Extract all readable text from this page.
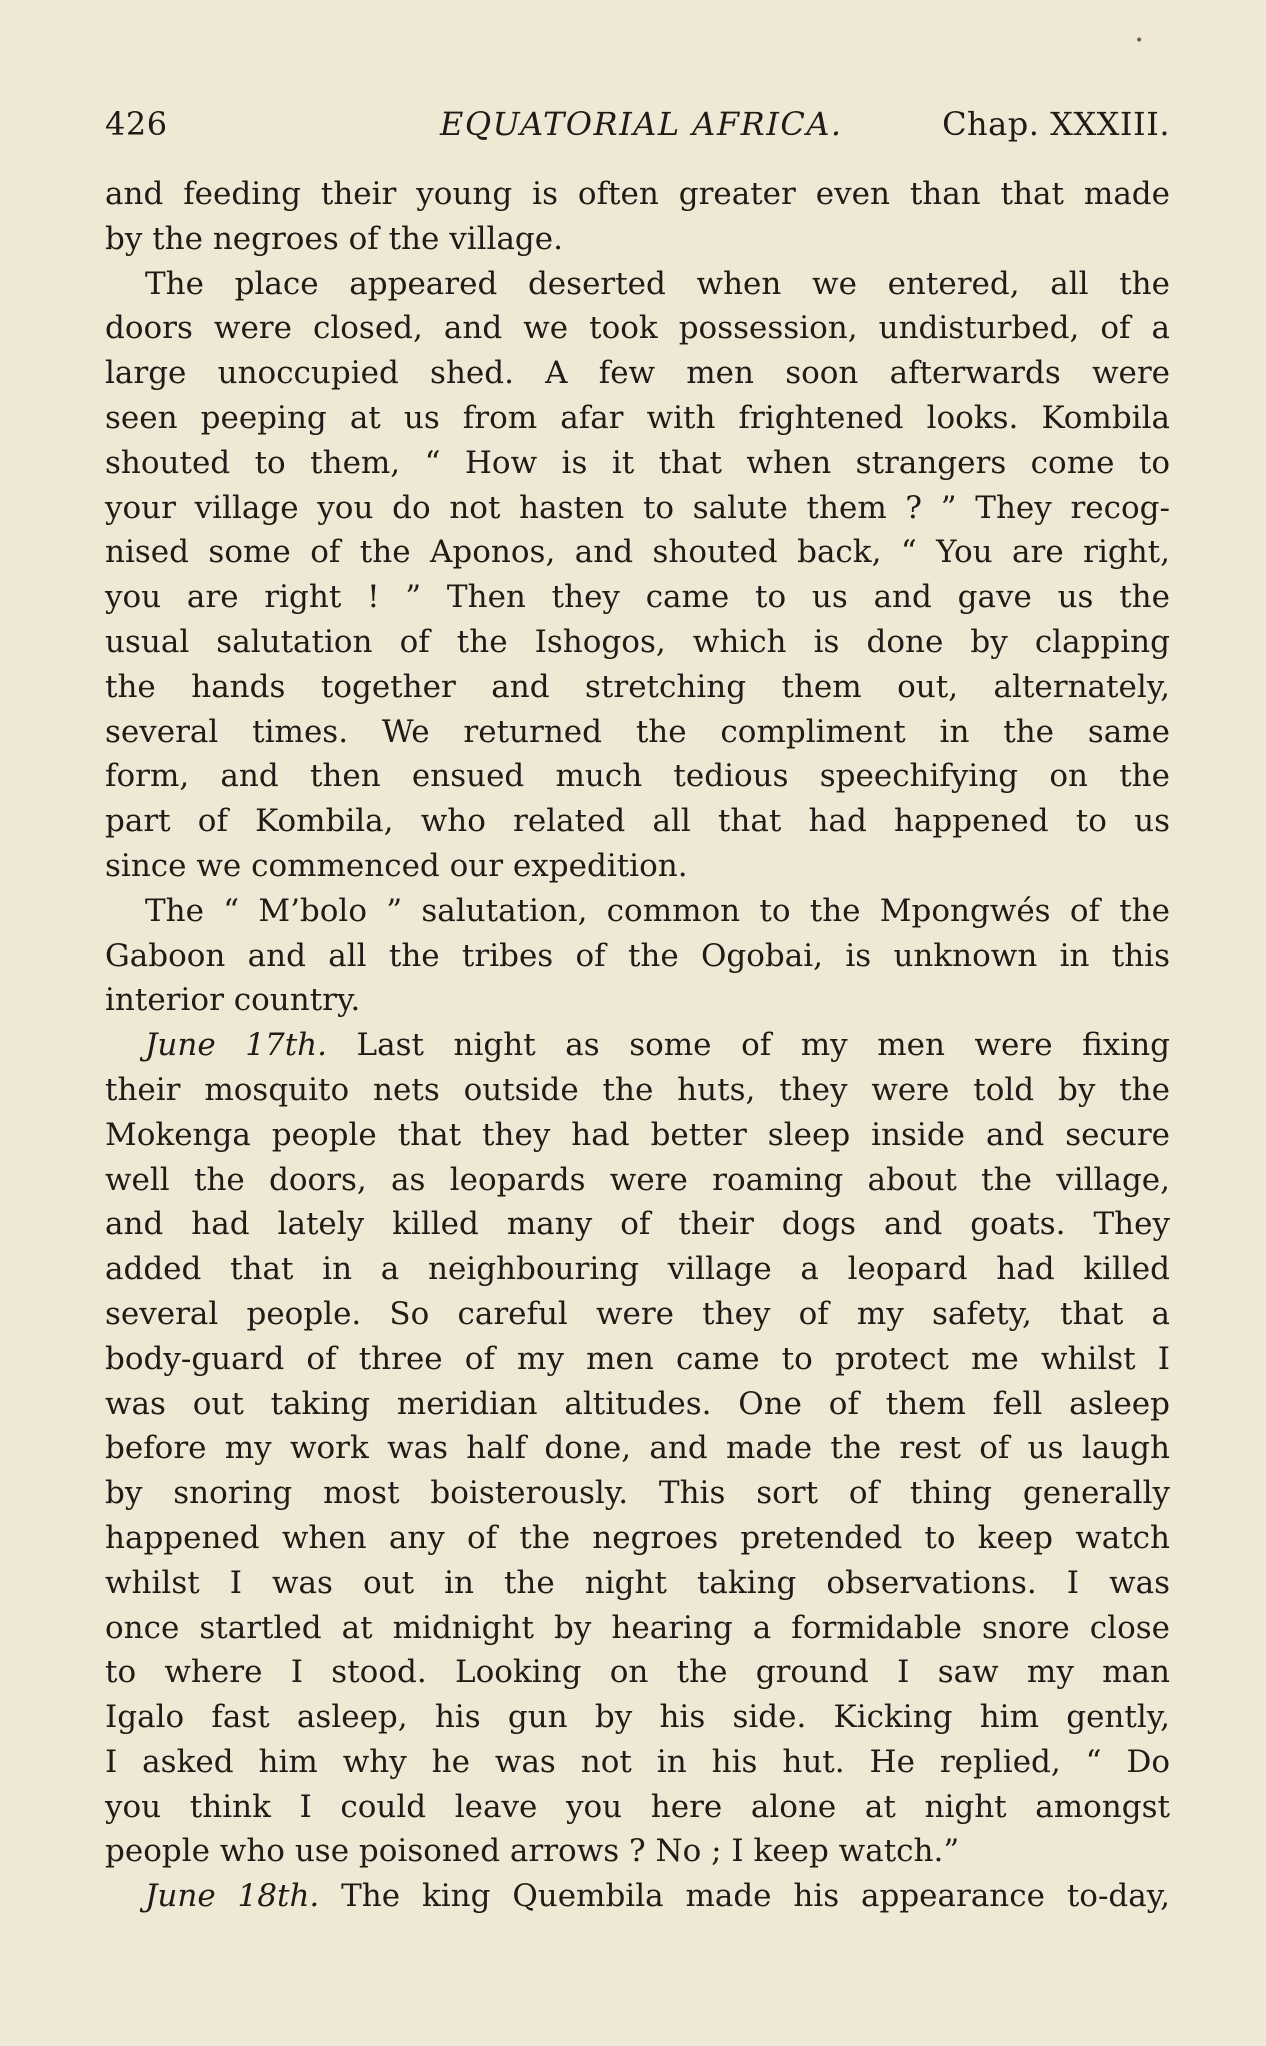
•
426	EQUATORIAL AFRICA.	Chap. XXXIII.
and feeding their young is often greater even than that made
by the negroes of the village.
The place appeared deserted when we entered, all the
doors were closed, and we took possession, undisturbed, of a
large unoccupied shed. A few men soon afterwards were
seen peeping at us from afar with frightened looks. Kombila
shouted to them, “ How is it that when strangers come to
your village you do not hasten to salute them ? ” They recog-
nised some of the Aponos, and shouted back, “ You are right,
you are right ! ” Then they came to us and gave us the
usual salutation of the Ishogos, which is done by clapping
the hands together and stretching them out, alternately,
several times. We returned the compliment in the same
form, and then ensued much tedious speechifying on the
part of Kombila, who related all that had happened to us
since we commenced our expedition.
The “ M’bolo ” salutation, common to the Mpongwés of the
Gaboon and all the tribes of the Ogobai, is unknown in this
interior country.
June 17th. Last night as some of my men were fixing
their mosquito nets outside the huts, they were told by the
Mokenga people that they had better sleep inside and secure
well the doors, as leopards were roaming about the village,
and had lately killed many of their dogs and goats. They
added that in a neighbouring village a leopard had killed
several people. So careful were they of my safety, that a
body-guard of three of my men came to protect me whilst I
was out taking meridian altitudes. One of them fell asleep
before my work was half done, and made the rest of us laugh
by snoring most boisterously. This sort of thing generally
happened when any of the negroes pretended to keep watch
whilst I was out in the night taking observations. I was
once startled at midnight by hearing a formidable snore close
to where I stood. Looking on the ground I saw my man
Igalo fast asleep, his gun by his side. Kicking him gently,
I asked him why he was not in his hut. He replied, “ Do
you think I could leave you here alone at night amongst
people who use poisoned arrows ? No ; I keep watch.”
June 18th. The king Quembila made his appearance to-day,
